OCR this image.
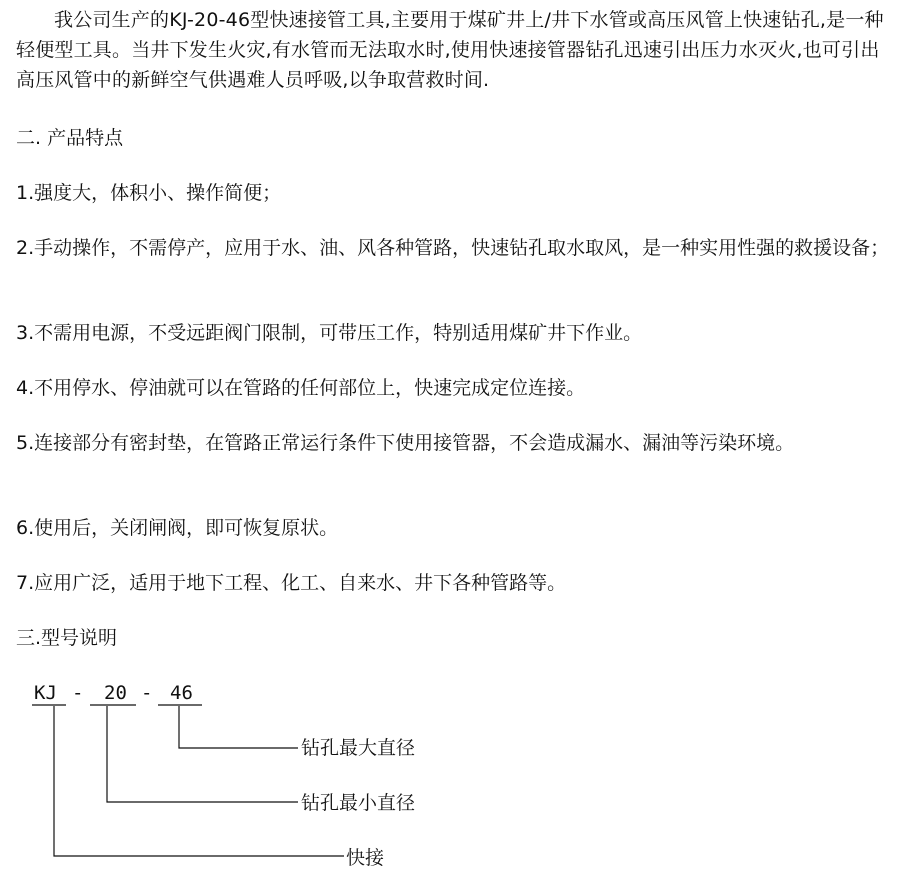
我公司生产的KJ-20-46型快速接管工具,主要用于煤矿井上/井下水管或高压风管上快速钻孔,是一种轻便型工具。当井下发生火灾,有水管而无法取水时,使用快速接管器钻孔迅速引出压力水灭火,也可引出高压风管中的新鲜空气供遇难人员呼吸,以争取营救时间.

二. 产品特点
1.强度大，体积小、操作简便；

2.手动操作，不需停产，应用于水、油、风各种管路，快速钻孔取水取风，是一种实用性强的救援设备；

3.不需用电源，不受远距阀门限制，可带压工作，特别适用煤矿井下作业。
4.不用停水、停油就可以在管路的任何部位上，快速完成定位连接。

5.连接部分有密封垫，在管路正常运行条件下使用接管器，不会造成漏水、漏油等污染环境。

6.使用后，关闭闸阀，即可恢复原状。
7.应用广泛，适用于地下工程、化工、自来水、井下各种管路等。
三.型号说明
KJ - 20 - 46
钻孔最大直径
钻孔最小直径
快接
